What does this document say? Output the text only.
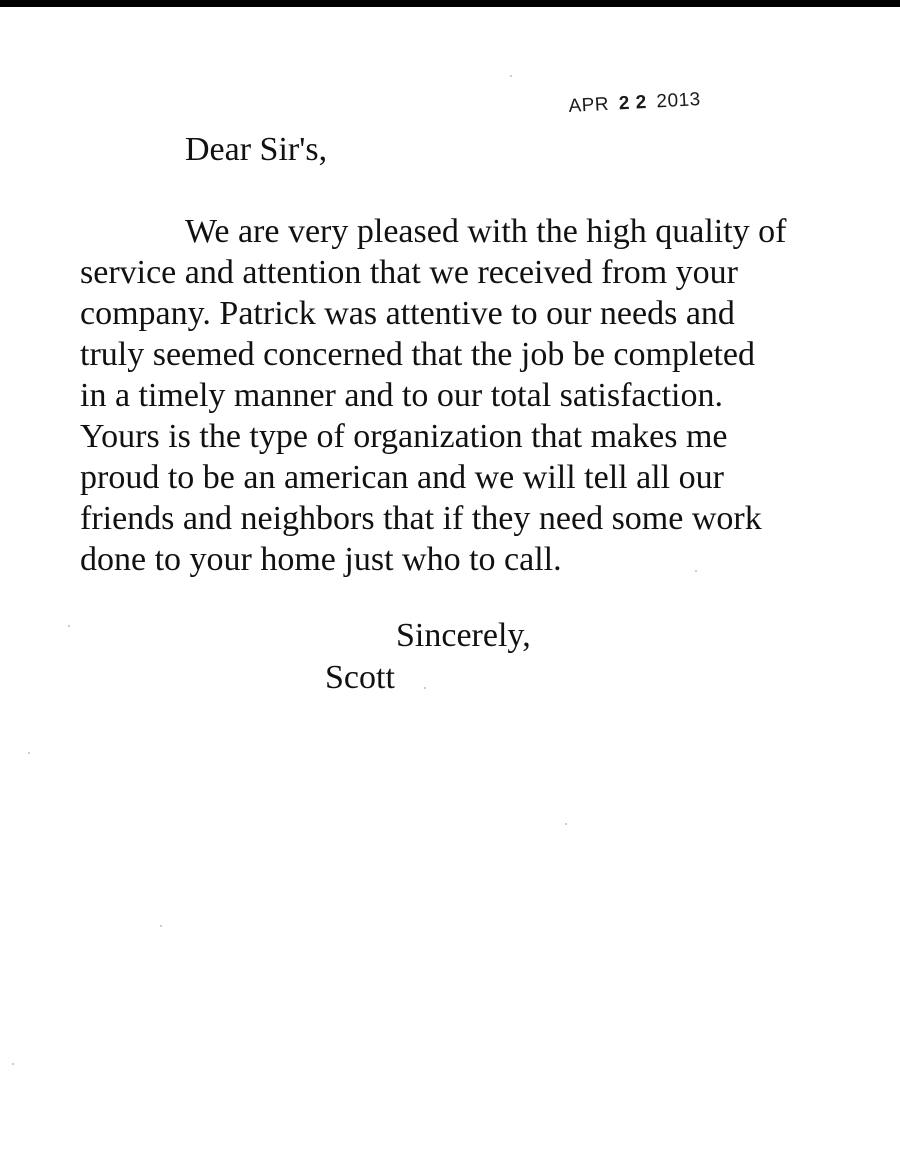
APR 2 2 2013
Dear Sir's,
We are very pleased with the high quality of
service and attention that we received from your
company. Patrick was attentive to our needs and
truly seemed concerned that the job be completed
in a timely manner and to our total satisfaction.
Yours is the type of organization that makes me
proud to be an american and we will tell all our
friends and neighbors that if they need some work
done to your home just who to call.
Sincerely,
Scott
